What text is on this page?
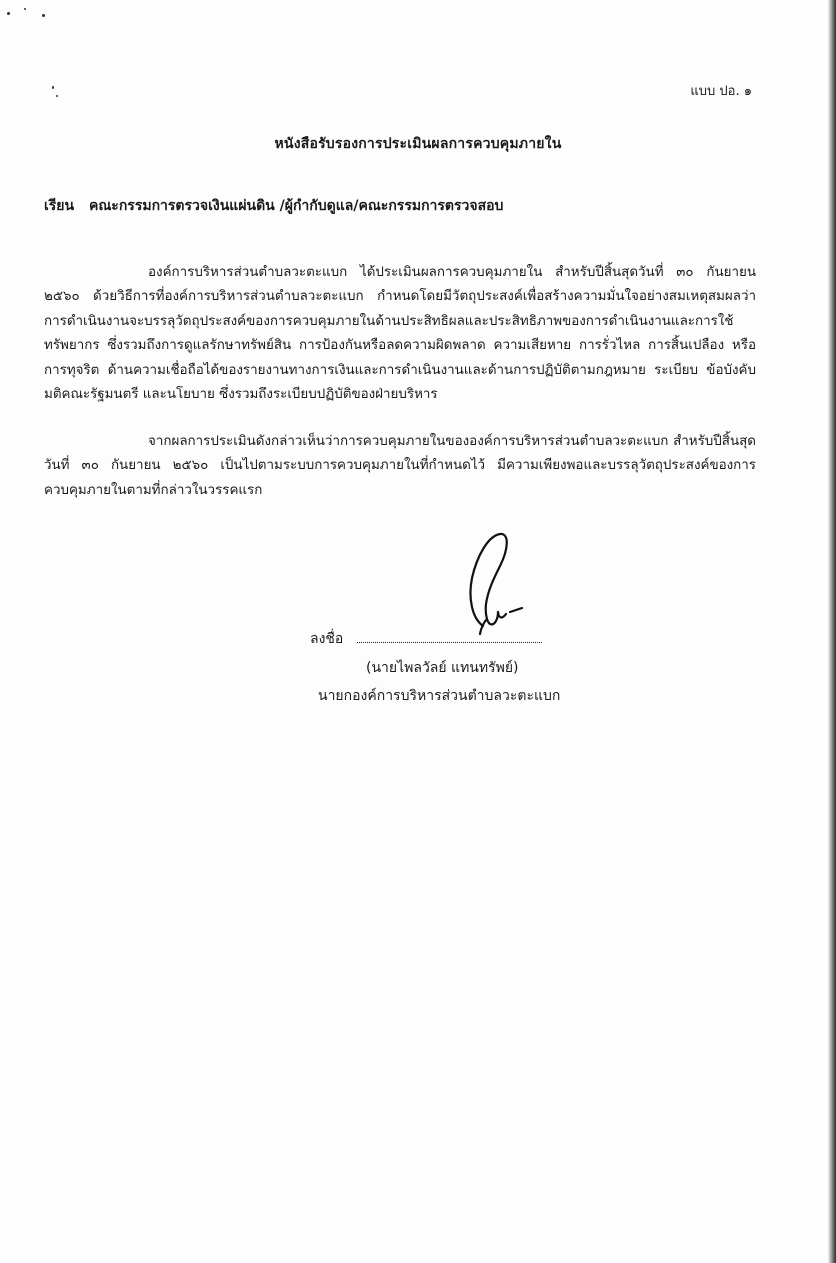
แบบ ปอ. ๑
หนังสือรับรองการประเมินผลการควบคุมภายใน
เรียน คณะกรรมการตรวจเงินแผ่นดิน /ผู้กำกับดูแล/คณะกรรมการตรวจสอบ

องค์การบริหารส่วนตำบลวะตะแบก ได้ประเมินผลการควบคุมภายใน สำหรับปีสิ้นสุดวันที่ ๓๐ กันยายน ๒๕๖๐ ด้วยวิธีการที่องค์การบริหารส่วนตำบลวะตะแบก กำหนดโดยมีวัตถุประสงค์เพื่อสร้างความมั่นใจอย่างสมเหตุสมผลว่า การดำเนินงานจะบรรลุวัตถุประสงค์ของการควบคุมภายในด้านประสิทธิผลและประสิทธิภาพของการดำเนินงานและการใช้ทรัพยากร ซึ่งรวมถึงการดูแลรักษาทรัพย์สิน การป้องกันหรือลดความผิดพลาด ความเสียหาย การรั่วไหล การสิ้นเปลือง หรือการทุจริต ด้านความเชื่อถือได้ของรายงานทางการเงินและการดำเนินงานและด้านการปฏิบัติตามกฎหมาย ระเบียบ ข้อบังคับ มติคณะรัฐมนตรี และนโยบาย ซึ่งรวมถึงระเบียบปฏิบัติของฝ่ายบริหาร

จากผลการประเมินดังกล่าวเห็นว่าการควบคุมภายในขององค์การบริหารส่วนตำบลวะตะแบก สำหรับปีสิ้นสุดวันที่ ๓๐ กันยายน ๒๕๖๐ เป็นไปตามระบบการควบคุมภายในที่กำหนดไว้ มีความเพียงพอและบรรลุวัตถุประสงค์ของการควบคุมภายในตามที่กล่าวในวรรคแรก

ลงชื่อ
(นายไพลวัลย์ แทนทรัพย์)
นายกองค์การบริหารส่วนตำบลวะตะแบก
